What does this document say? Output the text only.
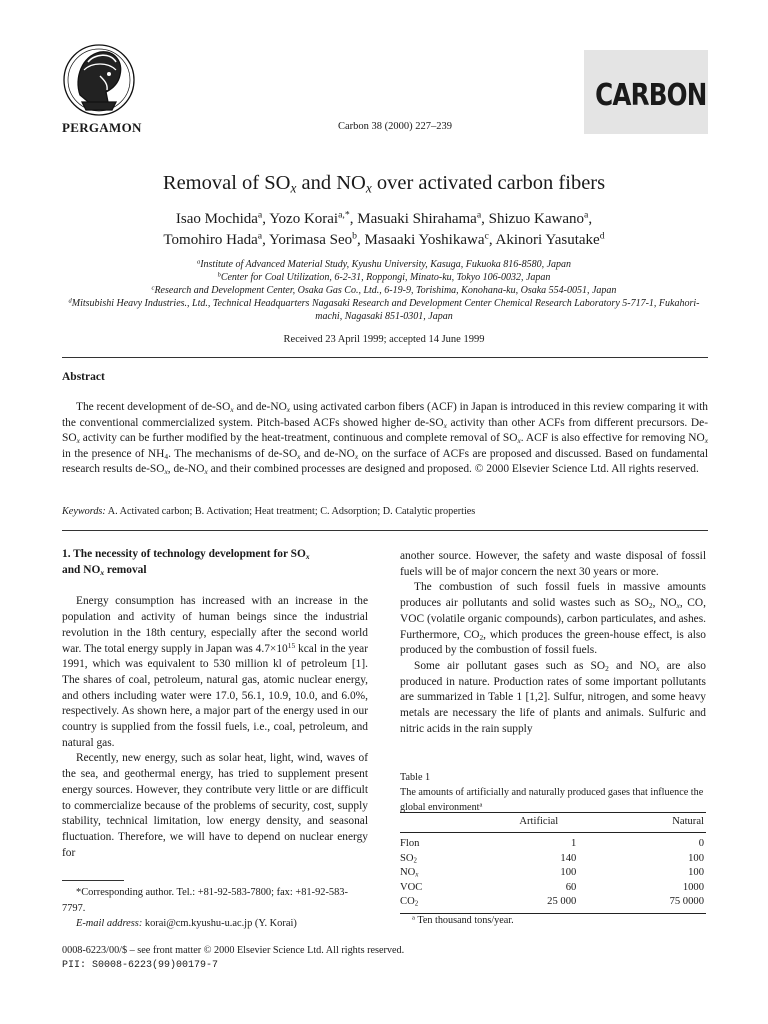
PERGAMON	Carbon 38 (2000) 227–239
CARBON
Removal of $SO_x$ and $NO_x$ over activated carbon fibers
Isao Mochida$^a$, Yozo Korai$^{a,*}$, Masuaki Shirahama$^a$, Shizuo Kawano$^a$,
Tomohiro Hada$^a$, Yorimasa Seo$^b$, Masaaki Yoshikawa$^c$, Akinori Yasutake$^d$
$^a$Institute of Advanced Material Study, Kyushu University, Kasuga, Fukuoka 816-8580, Japan
$^b$Center for Coal Utilization, 6-2-31, Roppongi, Minato-ku, Tokyo 106-0032, Japan
$^c$Research and Development Center, Osaka Gas Co., Ltd., 6-19-9, Torishima, Konohana-ku, Osaka 554-0051, Japan
$^d$Mitsubishi Heavy Industries., Ltd., Technical Headquarters Nagasaki Research and Development Center Chemical Research Laboratory 5-717-1, Fukahori-machi, Nagasaki 851-0301, Japan
Received 23 April 1999; accepted 14 June 1999
Abstract
The recent development of $de-SO_x$ and $de-NO_x$ using activated carbon fibers (ACF) in Japan is introduced in this review comparing it with the conventional commercialized system. Pitch-based ACFs showed higher $de-SO_x$ activity than other ACFs from different precursors. $De-SO_x$ activity can be further modified by the heat-treatment, continuous and complete removal of $SO_x$. ACF is also effective for removing $NO_x$ in the presence of $NH_4$. The mechanisms of $de-SO_x$ and $de-NO_x$ on the surface of ACFs are proposed and discussed. Based on fundamental research results $de-SO_x$, $de-NO_x$ and their combined processes are designed and proposed. © 2000 Elsevier Science Ltd. All rights reserved.
Keywords: A. Activated carbon; B. Activation; Heat treatment; C. Adsorption; D. Catalytic properties

1. The necessity of technology development for $SO_x$
and $NO_x$ removal

Energy consumption has increased with an increase in the population and activity of human beings since the industrial revolution in the 18th century, especially after the second world war. The total energy supply in Japan was $4.7\times 10^{15}$ kcal in the year 1991, which was equivalent to 530 million kl of petroleum [1]. The shares of coal, petroleum, natural gas, atomic nuclear energy, and others including water were 17.0, 56.1, 10.9, 10.0, and 6.0%, respectively. As shown here, a major part of the energy used in our country is supplied from the fossil fuels, i.e., coal, petroleum, and natural gas.

Recently, new energy, such as solar heat, light, wind, waves of the sea, and geothermal energy, has tried to supplement present energy sources. However, they contribute very little or are difficult to commercialize because of the problems of security, cost, supply stability, technical limitation, low energy density, and seasonal fluctuation. Therefore, we will have to depend on nuclear energy for

another source. However, the safety and waste disposal of fossil fuels will be of major concern the next 30 years or more.

The combustion of such fossil fuels in massive amounts produces air pollutants and solid wastes such as $SO_2$, $NO_x$, CO, VOC (volatile organic compounds), carbon particulates, and ashes. Furthermore, $CO_2$, which produces the green-house effect, is also produced by the combustion of fossil fuels.

Some air pollutant gases such as $SO_2$ and $NO_x$ are also produced in nature. Production rates of some important pollutants are summarized in Table 1 [1,2]. Sulfur, nitrogen, and some heavy metals are necessary the life of plants and animals. Sulfuric and nitric acids in the rain supply

Table 1
The amounts of artificially and naturally produced gases that influence the global environment$^a$
	Artificial	Natural
Flon	1	0
$SO_2$	140	100
$NO_x$	100	100
VOC	60	1000
$CO_2$	25 000	75 0000
$^a$ Ten thousand tons/year.

*Corresponding author. Tel.: +81-92-583-7800; fax: +81-92-583-7797.

E-mail address: korai@cm.kyushu-u.ac.jp (Y. Korai)

0008-6223/00/$ – see front matter © 2000 Elsevier Science Ltd. All rights reserved.
PII: S0008-6223(99)00179-7
